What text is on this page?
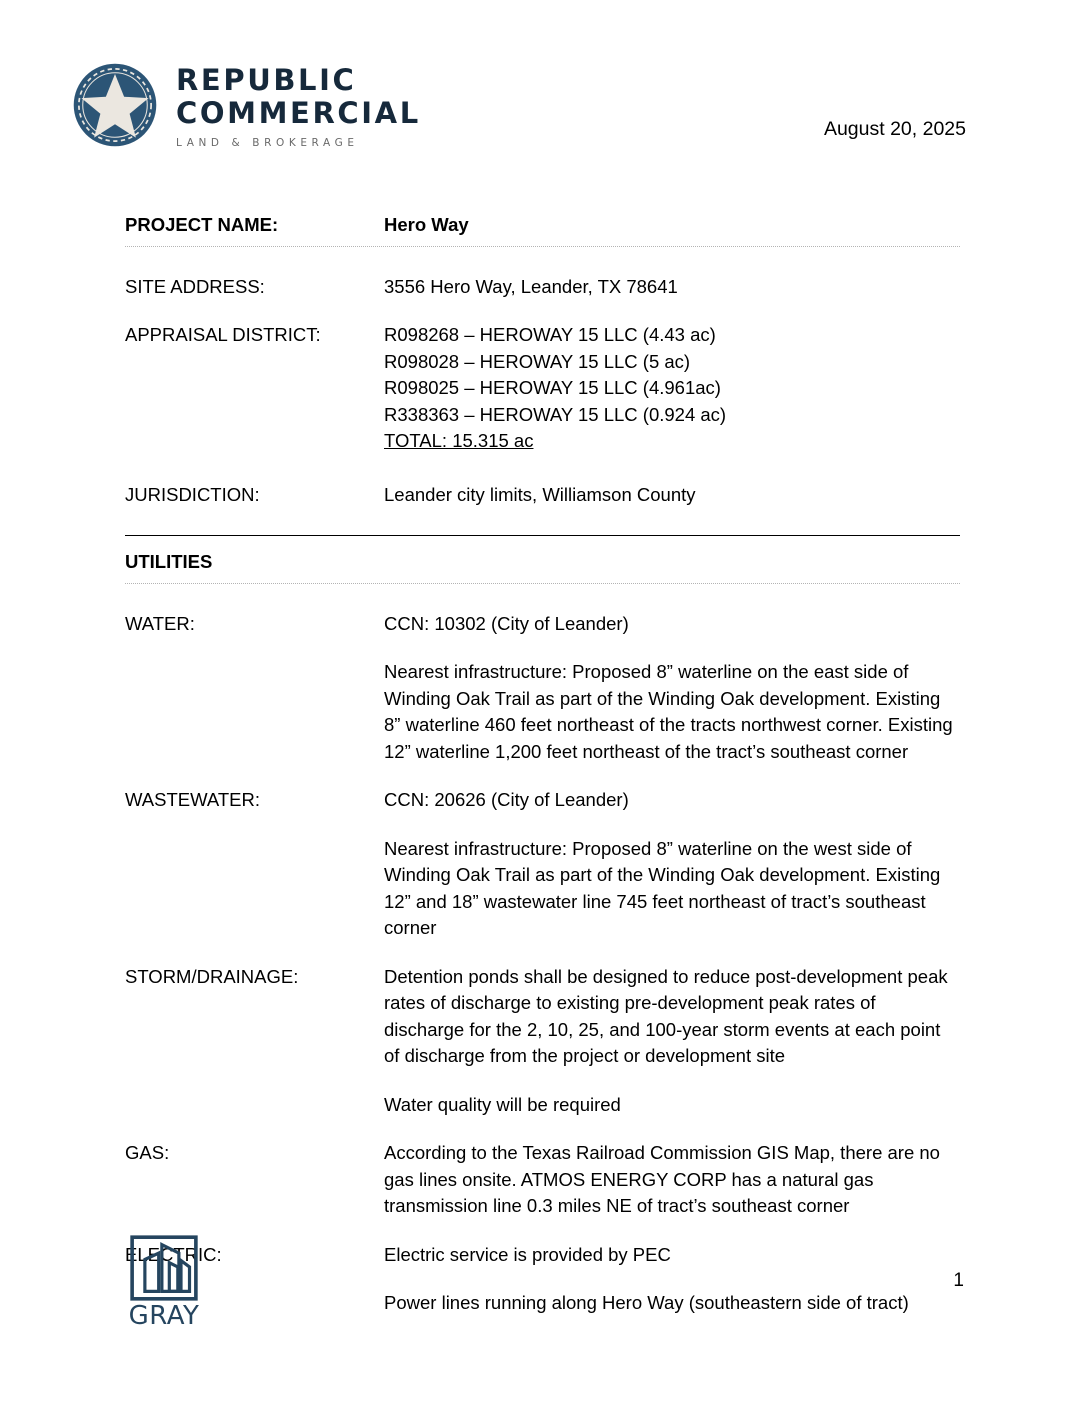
REPUBLIC
COMMERCIAL
LAND & BROKERAGE
August 20, 2025
PROJECT NAME:	Hero Way
SITE ADDRESS:	3556 Hero Way, Leander, TX 78641
APPRAISAL DISTRICT:	R098268 – HEROWAY 15 LLC (4.43 ac)
R098028 – HEROWAY 15 LLC (5 ac)
R098025 – HEROWAY 15 LLC (4.961ac)
R338363 – HEROWAY 15 LLC (0.924 ac)
TOTAL: 15.315 ac
JURISDICTION:	Leander city limits, Williamson County
UTILITIES
WATER:	CCN: 10302 (City of Leander)

Nearest infrastructure: Proposed 8” waterline on the east side of Winding Oak Trail as part of the Winding Oak development. Existing 8” waterline 460 feet northeast of the tracts northwest corner. Existing 12” waterline 1,200 feet northeast of the tract’s southeast corner

WASTEWATER:	CCN: 20626 (City of Leander)

Nearest infrastructure: Proposed 8” waterline on the west side of Winding Oak Trail as part of the Winding Oak development. Existing 12” and 18” wastewater line 745 feet northeast of tract’s southeast corner

STORM/DRAINAGE:	Detention ponds shall be designed to reduce post-development peak rates of discharge to existing pre-development peak rates of discharge for the 2, 10, 25, and 100-year storm events at each point of discharge from the project or development site

Water quality will be required

GAS:	According to the Texas Railroad Commission GIS Map, there are no gas lines onsite. ATMOS ENERGY CORP has a natural gas transmission line 0.3 miles NE of tract’s southeast corner

ELECTRIC:	Electric service is provided by PEC

Power lines running along Hero Way (southeastern side of tract)

GRAY
1
